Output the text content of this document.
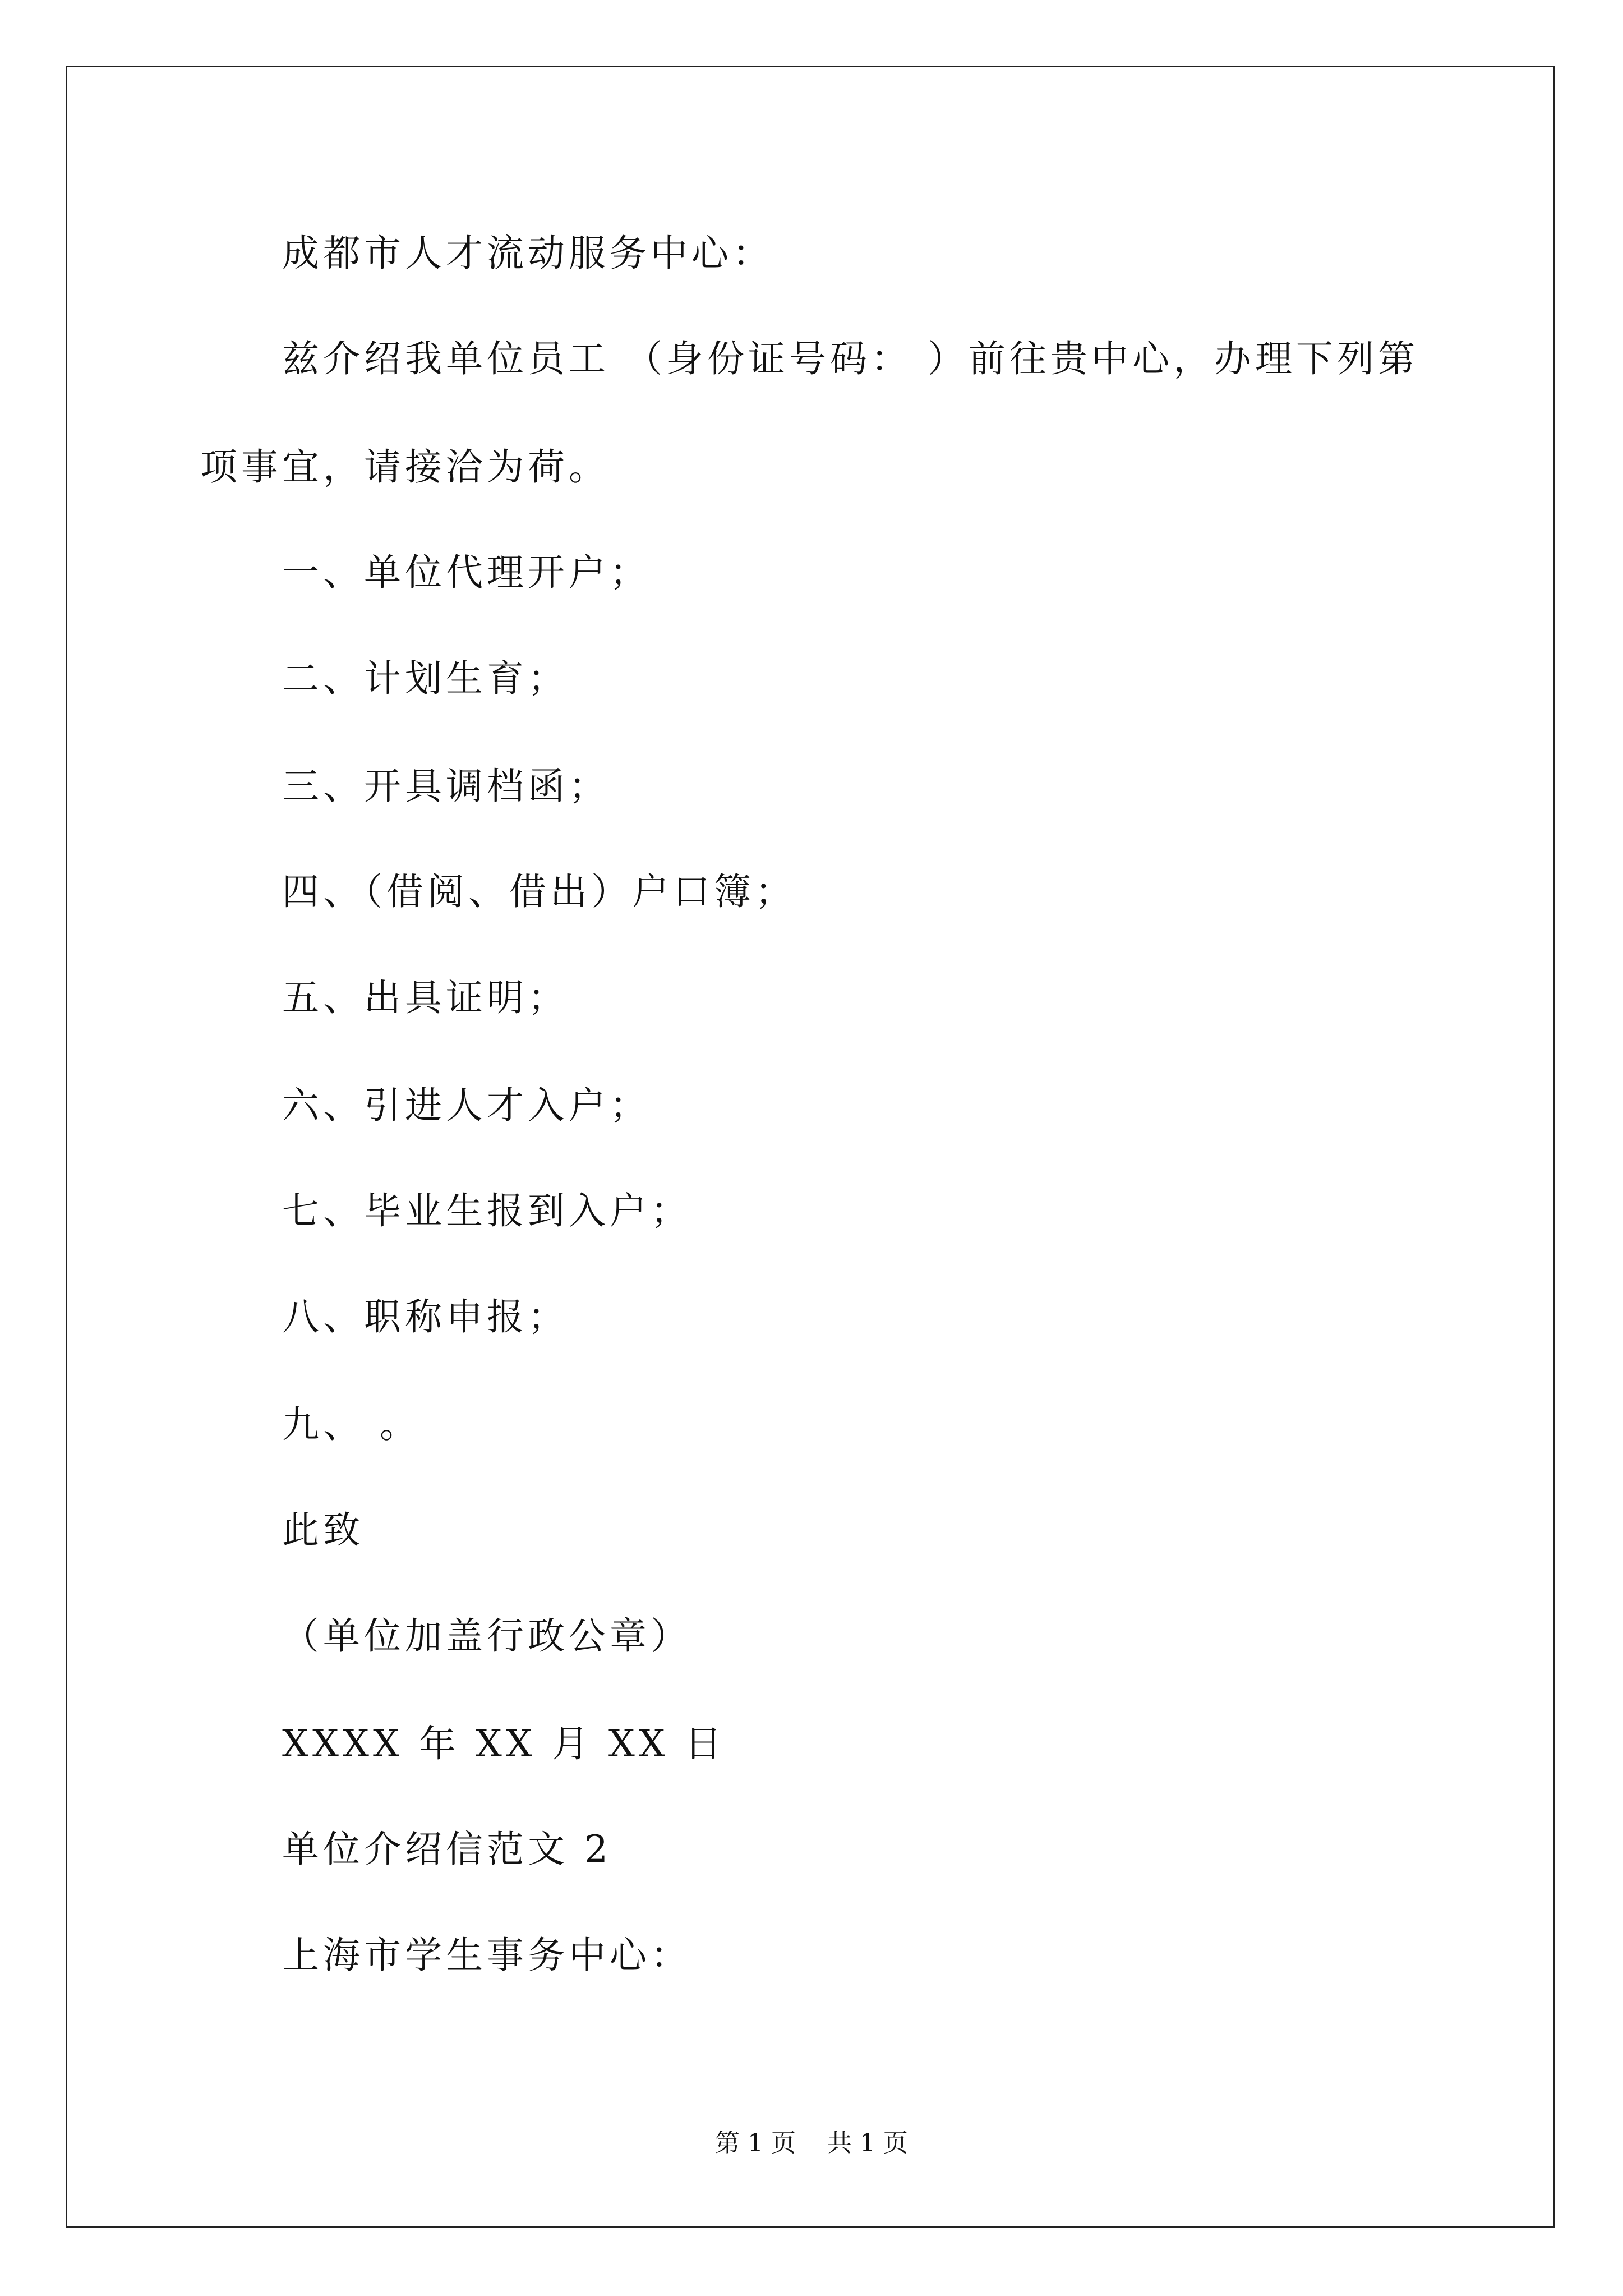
成都市人才流动服务中心：
兹介绍我单位员工 （身份证号码： ）前往贵中心，办理下列第
项事宜，请接洽为荷。
一、单位代理开户；
二、计划生育；
三、开具调档函；
四、（借阅、借出）户口簿；
五、出具证明；
六、引进人才入户；
七、毕业生报到入户；
八、职称申报；
九、 。
此致
（单位加盖行政公章）
XXXX 年 XX 月 XX 日
单位介绍信范文 2
上海市学生事务中心：
第 1 页    共 1 页
